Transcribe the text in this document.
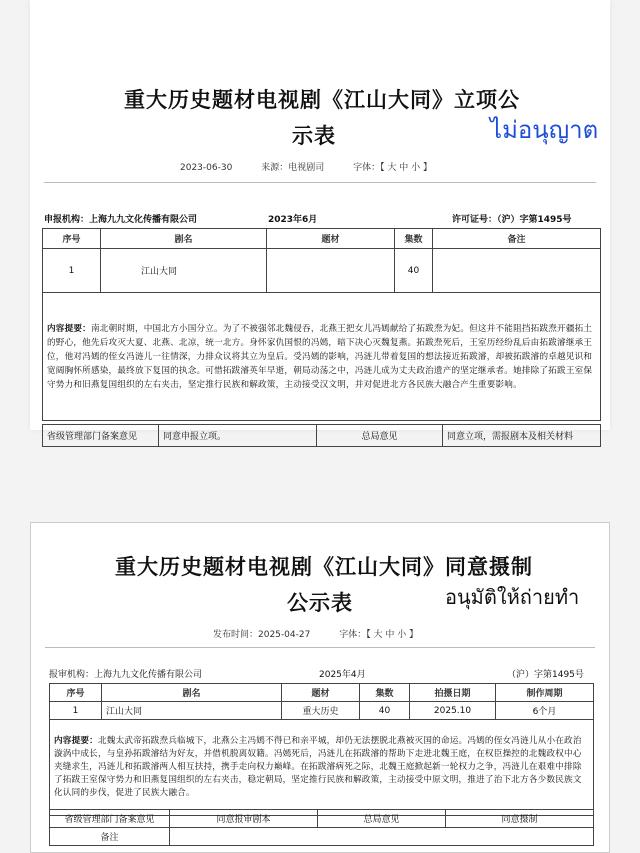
重大历史题材电视剧《江山大同》立项公
示表	ไม่อนุญาต
2023-06-30	来源：电视剧司	字体：【 大 中 小 】
申报机构：上海九九文化传播有限公司	2023年6月	许可证号：（沪）字第1495号
序号	剧名	题材	集数	备注
1	江山大同		40	
内容提要：南北朝时期，中国北方小国分立。为了不被强邻北魏侵吞，北燕王把女儿冯嫣献给了拓跋焘为妃。但这并不能阻挡拓跋焘开疆拓土的野心，他先后攻灭大夏、北燕、北凉，统一北方。身怀家仇国恨的冯嫣，暗下决心灭魏复燕。拓跋焘死后，王室历经纷乱后由拓跋濬继承王位，他对冯嫣的侄女冯涟儿一往情深，力排众议将其立为皇后。受冯嫣的影响，冯涟儿带着复国的想法接近拓跋濬，却被拓跋濬的卓越见识和宽阔胸怀所感染，最终放下复国的执念。可惜拓跋濬英年早逝，朝局动荡之中，冯涟儿成为丈夫政治遗产的坚定继承者。她排除了拓跋王室保守势力和旧燕复国组织的左右夹击，坚定推行民族和解政策，主动接受汉文明，并对促进北方各民族大融合产生重要影响。				
省级管理部门备案意见	同意申报立项。	总局意见	同意立项，需报剧本及相关材料
重大历史题材电视剧《江山大同》同意摄制
公示表	อนุมัติให้ถ่ายทำ
发布时间：2025-04-27	字体：【 大 中 小 】
报审机构：上海九九文化传播有限公司	2025年4月	（沪）字第1495号
序号	剧名	题材	集数	拍摄日期	制作周期
1	江山大同	重大历史	40	2025.10	6个月
内容提要：北魏太武帝拓跋焘兵临城下，北燕公主冯嫣不得已和亲平城，却仍无法摆脱北燕被灭国的命运。冯嫣的侄女冯涟儿从小在政治漩涡中成长，与皇孙拓跋濬结为好友，并借机脱离奴籍。冯嫣死后，冯涟儿在拓跋濬的帮助下走进北魏王庭，在权臣操控的北魏政权中心夹缝求生，冯涟儿和拓跋濬两人相互扶持，携手走向权力巅峰。在拓跋濬病死之际，北魏王庭掀起新一轮权力之争，冯涟儿在艰难中排除了拓跋王室保守势力和旧燕复国组织的左右夹击，稳定朝局，坚定推行民族和解政策，主动接受中原文明，推进了治下北方各少数民族文化认同的步伐，促进了民族大融合。					
省级管理部门备案意见	同意报审剧本	总局意见	同意摄制
备注			
